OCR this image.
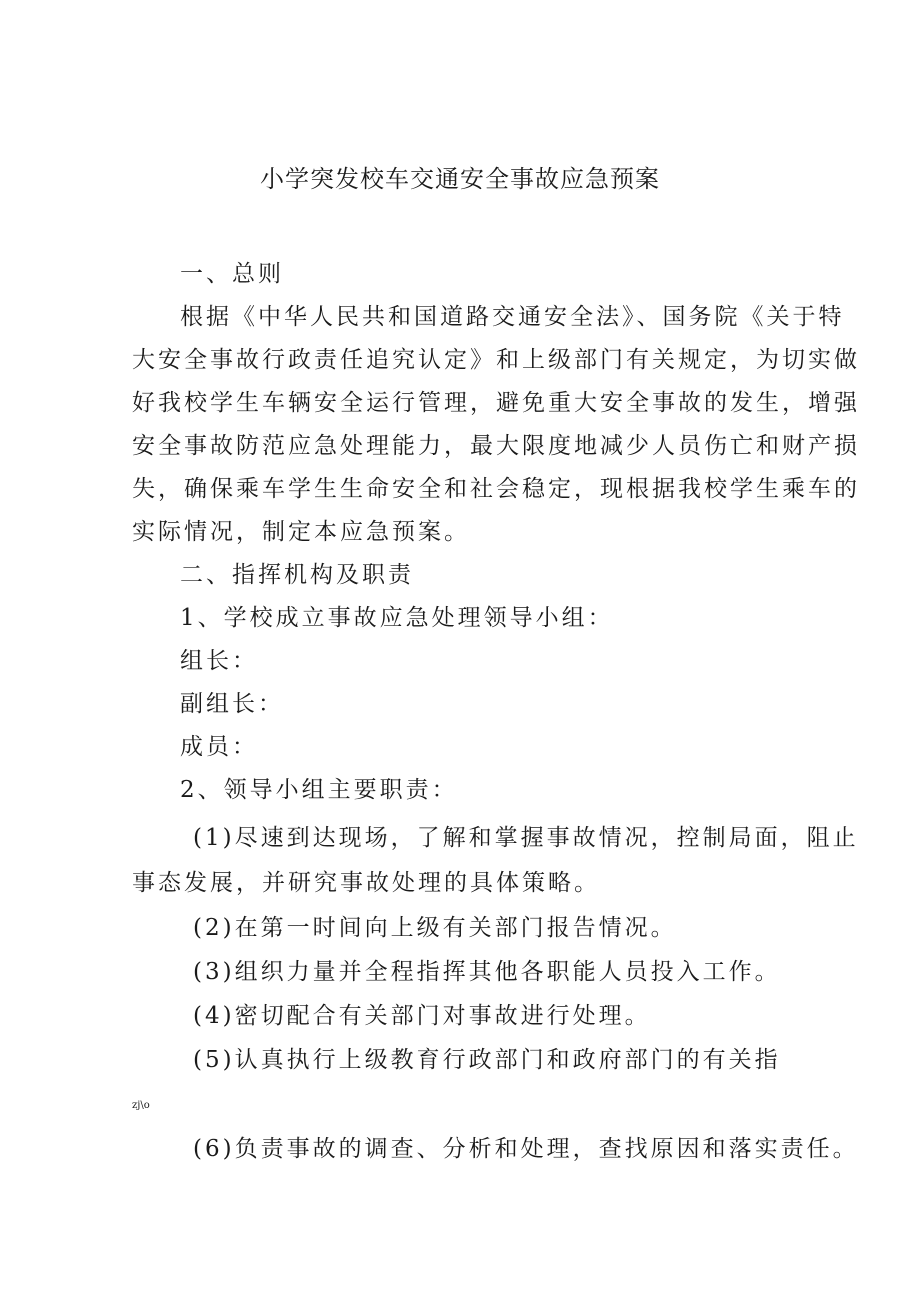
小学突发校车交通安全事故应急预案
一、总则
根据《中华人民共和国道路交通安全法》、国务院《关于特
大安全事故行政责任追究认定》和上级部门有关规定，为切实做
好我校学生车辆安全运行管理，避免重大安全事故的发生，增强
安全事故防范应急处理能力，最大限度地减少人员伤亡和财产损
失，确保乘车学生生命安全和社会稳定，现根据我校学生乘车的
实际情况，制定本应急预案。
二、指挥机构及职责
1、学校成立事故应急处理领导小组：
组长：
副组长：
成员：
2、领导小组主要职责：
(1)尽速到达现场，了解和掌握事故情况，控制局面，阻止
事态发展，并研究事故处理的具体策略。
(2)在第一时间向上级有关部门报告情况。
(3)组织力量并全程指挥其他各职能人员投入工作。
(4)密切配合有关部门对事故进行处理。
(5)认真执行上级教育行政部门和政府部门的有关指
zj\o
(6)负责事故的调查、分析和处理，查找原因和落实责任。
